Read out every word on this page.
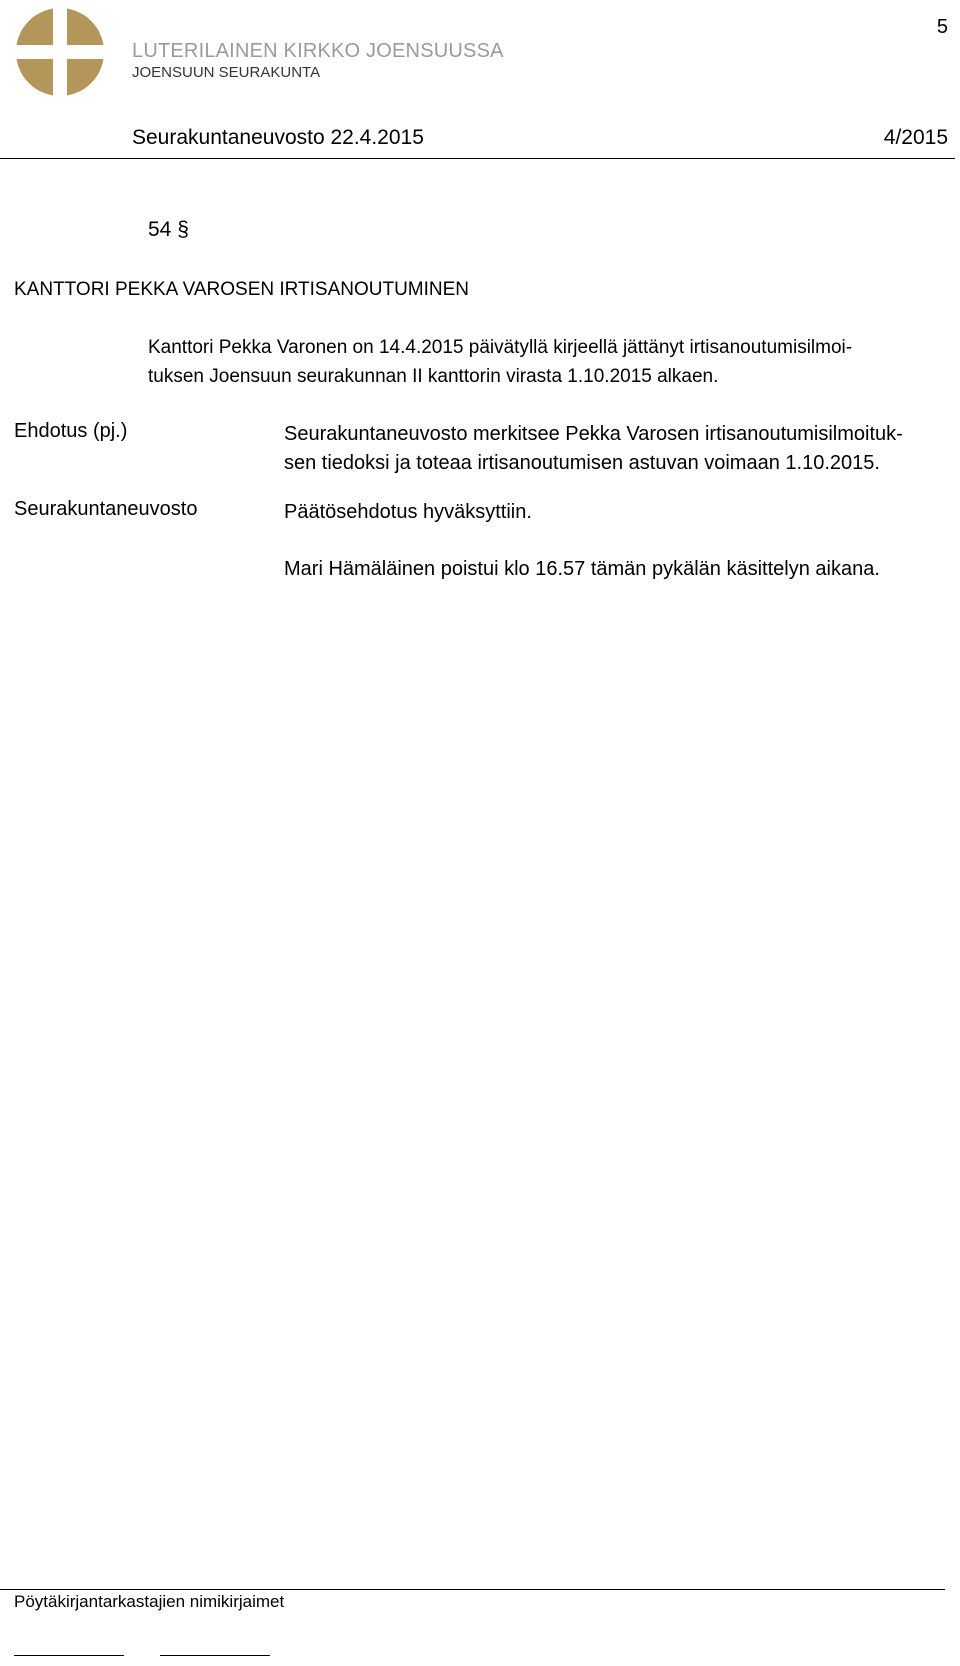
LUTERILAINEN KIRKKO JOENSUUSSA
JOENSUUN SEURAKUNTA
5
Seurakuntaneuvosto 22.4.2015	4/2015
54 §
KANTTORI PEKKA VAROSEN IRTISANOUTUMINEN
Kanttori Pekka Varonen on 14.4.2015 päivätyllä kirjeellä jättänyt irtisanoutumisilmoi-
tuksen Joensuun seurakunnan II kanttorin virasta 1.10.2015 alkaen.
Ehdotus (pj.)	Seurakuntaneuvosto merkitsee Pekka Varosen irtisanoutumisilmoituk-
sen tiedoksi ja toteaa irtisanoutumisen astuvan voimaan 1.10.2015.
Seurakuntaneuvosto	Päätösehdotus hyväksyttiin.
Mari Hämäläinen poistui klo 16.57 tämän pykälän käsittelyn aikana.
Pöytäkirjantarkastajien nimikirjaimet
